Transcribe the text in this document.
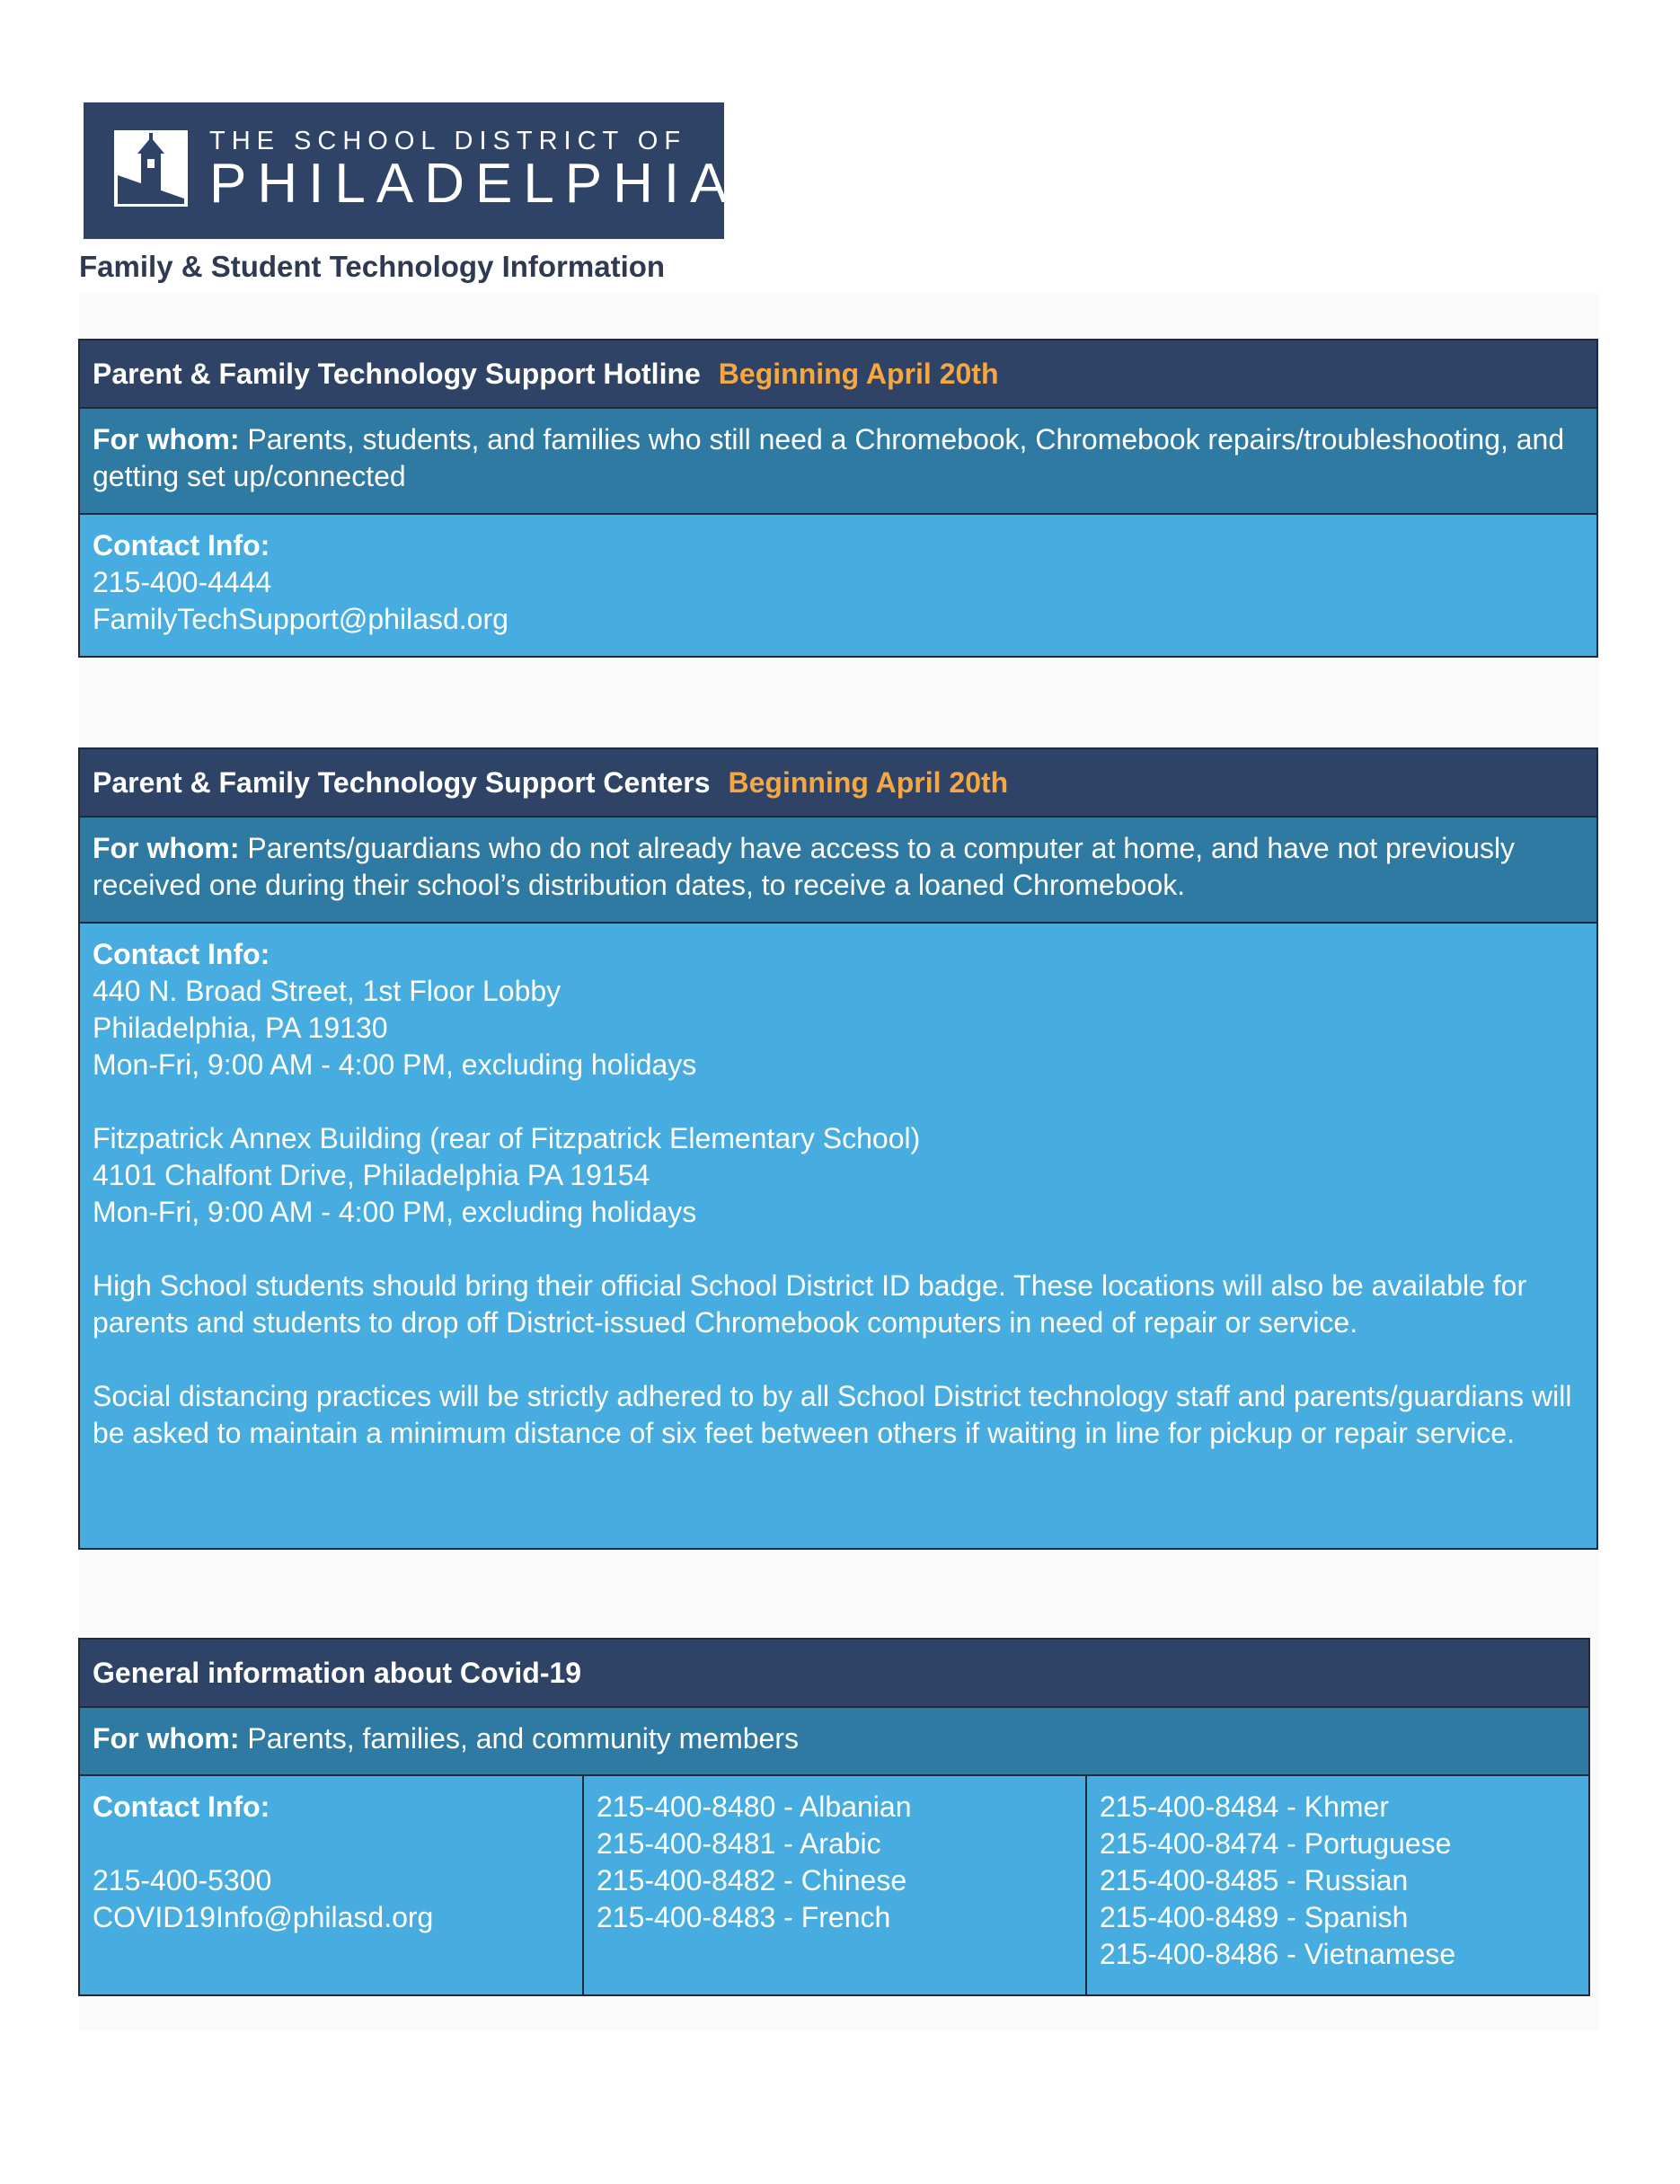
THE SCHOOL DISTRICT OF
PHILADELPHIA
Family & Student Technology Information
Parent & Family Technology Support Hotline Beginning April 20th
For whom: Parents, students, and families who still need a Chromebook, Chromebook repairs/troubleshooting, and getting set up/connected
Contact Info:
215-400-4444
FamilyTechSupport@philasd.org
Parent & Family Technology Support Centers Beginning April 20th
For whom: Parents/guardians who do not already have access to a computer at home, and have not previously received one during their school’s distribution dates, to receive a loaned Chromebook.
Contact Info:
440 N. Broad Street, 1st Floor Lobby
Philadelphia, PA 19130
Mon-Fri, 9:00 AM - 4:00 PM, excluding holidays
Fitzpatrick Annex Building (rear of Fitzpatrick Elementary School)
4101 Chalfont Drive, Philadelphia PA 19154
Mon-Fri, 9:00 AM - 4:00 PM, excluding holidays
High School students should bring their official School District ID badge. These locations will also be available for parents and students to drop off District-issued Chromebook computers in need of repair or service.
Social distancing practices will be strictly adhered to by all School District technology staff and parents/guardians will be asked to maintain a minimum distance of six feet between others if waiting in line for pickup or repair service.
General information about Covid-19
For whom: Parents, families, and community members
Contact Info:
215-400-5300
COVID19Info@philasd.org
215-400-8480 - Albanian
215-400-8481 - Arabic
215-400-8482 - Chinese
215-400-8483 - French
215-400-8484 - Khmer
215-400-8474 - Portuguese
215-400-8485 - Russian
215-400-8489 - Spanish
215-400-8486 - Vietnamese
